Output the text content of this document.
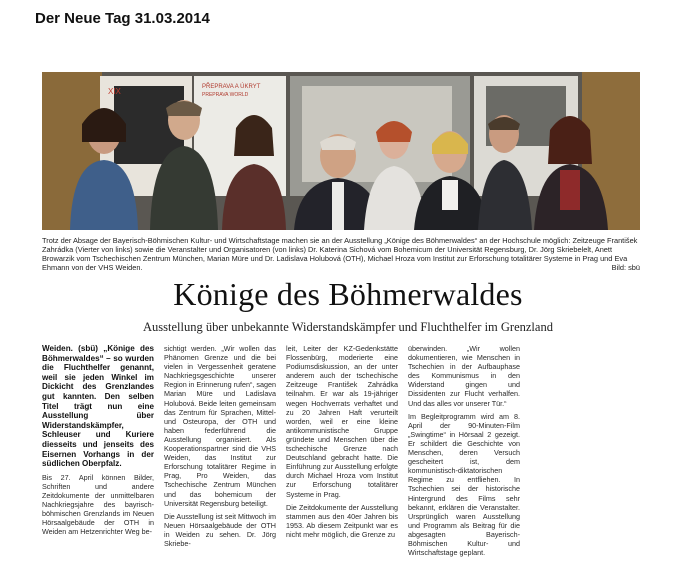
Der Neue Tag 31.03.2014
XIX	PŘEPRAVA A ÚKRYT
PREPRAVA WORLD
Trotz der Absage der Bayerisch-Böhmischen Kultur- und Wirtschaftstage machen sie an der Ausstellung „Könige des Böhmerwaldes“ an der Hochschule möglich: Zeitzeuge František Zahrádka (Vierter von links) sowie die Veranstalter und Organisatoren (von links) Dr. Katerina Sichová vom Bohemicum der Universität Regensburg, Dr. Jörg Skriebelelt, Anett Browarzik vom Tschechischen Zentrum München, Marian Müre und Dr. Ladislava Holubová (OTH), Michael Hroza vom Institut zur Erforschung totalitärer Systeme in Prag und Eva Ehmann von der VHS Weiden.	Bild: sbü
Könige des Böhmerwaldes
Ausstellung über unbekannte Widerstandskämpfer und Fluchthelfer im Grenzland

Weiden. (sbü) „Könige des Böhmerwaldes“ – so wurden die Fluchthelfer genannt, weil sie jeden Winkel im Dickicht des Grenzlandes gut kannten. Den selben Titel trägt nun eine Ausstellung über Widerstandskämpfer, Schleuser und Kuriere diesseits und jenseits des Eisernen Vorhangs in der südlichen Oberpfalz.

Bis 27. April können Bilder, Schriften und andere Zeitdokumente der unmittelbaren Nachkriegsjahre des bayrisch-böhmischen Grenzlands im Neuen Hörsaalgebäude der OTH in Weiden am Hetzenrichter Weg be-

sichtigt werden. „Wir wollen das Phänomen Grenze und die bei vielen in Vergessenheit geratene Nachkriegsgeschichte unserer Region in Erinnerung rufen“, sagen Marian Müre und Ladislava Holubová. Beide leiten gemeinsam das Zentrum für Sprachen, Mittel- und Osteuropa, der OTH und haben federführend die Ausstellung organisiert. Als Kooperationspartner sind die VHS Weiden, das Institut zur Erforschung totalitärer Regime in Prag, Pro Weiden, das Tschechische Zentrum München und das bohemicum der Universität Regensburg beteiligt.

Die Ausstellung ist seit Mittwoch im Neuen Hörsaalgebäude der OTH in Weiden zu sehen. Dr. Jörg Skriebe-

leit, Leiter der KZ-Gedenkstätte Flossenbürg, moderierte eine Podiumsdiskussion, an der unter anderem auch der tschechische Zeitzeuge František Zahrádka teilnahm. Er war als 19-jähriger wegen Hochverrats verhaftet und zu 20 Jahren Haft verurteilt worden, weil er eine kleine antikommunistische Gruppe gründete und Menschen über die tschechische Grenze nach Deutschland gebracht hatte. Die Einführung zur Ausstellung erfolgte durch Michael Hroza vom Institut zur Erforschung totalitärer Systeme in Prag.

Die Zeitdokumente der Ausstellung stammen aus den 40er Jahren bis 1953. Ab diesem Zeitpunkt war es nicht mehr möglich, die Grenze zu

überwinden. „Wir wollen dokumentieren, wie Menschen in Tschechien in der Aufbauphase des Kommunismus in den Widerstand gingen und Dissidenten zur Flucht verhalfen. Und das alles vor unserer Tür.“

Im Begleitprogramm wird am 8. April der 90-Minuten-Film „Swingtime“ in Hörsaal 2 gezeigt. Er schildert die Geschichte von Menschen, deren Versuch gescheitert ist, dem kommunistisch-diktatorischen Regime zu entfliehen. In Tschechien sei der historische Hintergrund des Films sehr bekannt, erklären die Veranstalter. Ursprünglich waren Ausstellung und Programm als Beitrag für die abgesagten Bayerisch-Böhmischen Kultur- und Wirtschaftstage geplant.
